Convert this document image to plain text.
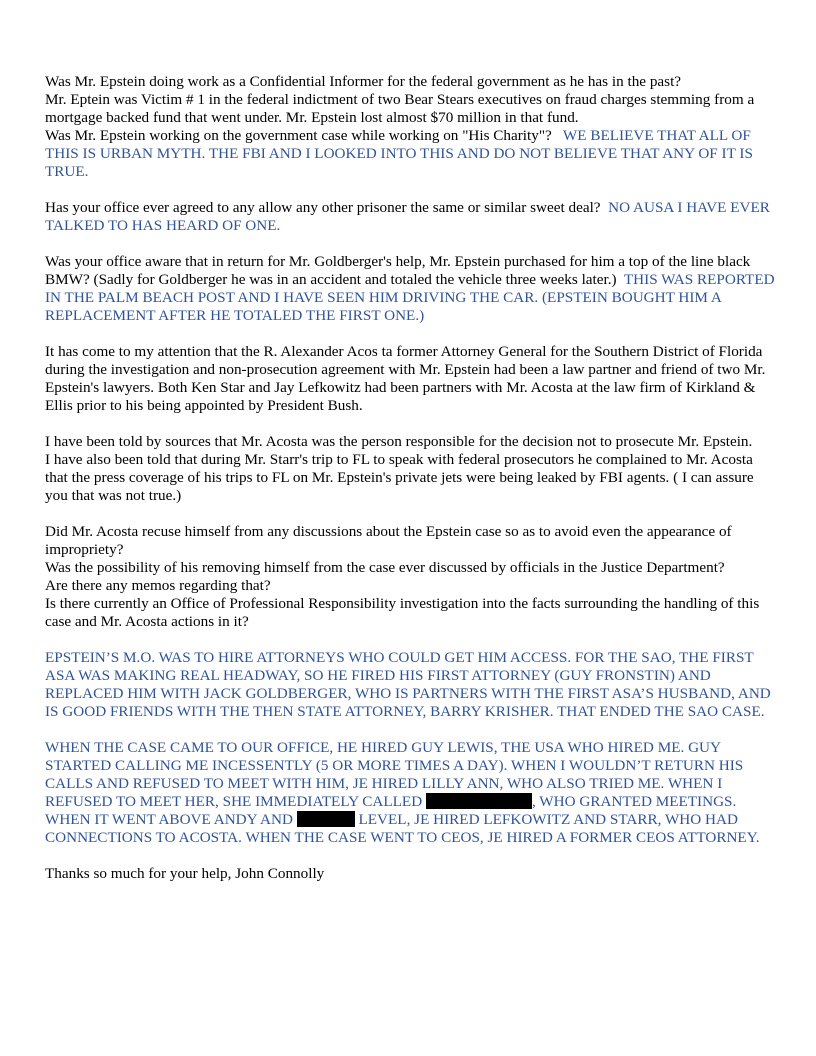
Was Mr. Epstein doing work as a Confidential Informer for the federal government as he has in the past?
Mr. Eptein was Victim # 1 in the federal indictment of two Bear Stears executives on fraud charges stemming from a mortgage backed fund that went under. Mr. Epstein lost almost $70 million in that fund.
Was Mr. Epstein working on the government case while working on "His Charity"? WE BELIEVE THAT ALL OF THIS IS URBAN MYTH. THE FBI AND I LOOKED INTO THIS AND DO NOT BELIEVE THAT ANY OF IT IS TRUE.

Has your office ever agreed to any allow any other prisoner the same or similar sweet deal? NO AUSA I HAVE EVER TALKED TO HAS HEARD OF ONE.

Was your office aware that in return for Mr. Goldberger's help, Mr. Epstein purchased for him a top of the line black BMW? (Sadly for Goldberger he was in an accident and totaled the vehicle three weeks later.) THIS WAS REPORTED IN THE PALM BEACH POST AND I HAVE SEEN HIM DRIVING THE CAR. (EPSTEIN BOUGHT HIM A REPLACEMENT AFTER HE TOTALED THE FIRST ONE.)

It has come to my attention that the R. Alexander Acos ta former Attorney General for the Southern District of Florida during the investigation and non-prosecution agreement with Mr. Epstein had been a law partner and friend of two Mr. Epstein's lawyers. Both Ken Star and Jay Lefkowitz had been partners with Mr. Acosta at the law firm of Kirkland & Ellis prior to his being appointed by President Bush.

I have been told by sources that Mr. Acosta was the person responsible for the decision not to prosecute Mr. Epstein.
I have also been told that during Mr. Starr's trip to FL to speak with federal prosecutors he complained to Mr. Acosta that the press coverage of his trips to FL on Mr. Epstein's private jets were being leaked by FBI agents. ( I can assure you that was not true.)

Did Mr. Acosta recuse himself from any discussions about the Epstein case so as to avoid even the appearance of impropriety?
Was the possibility of his removing himself from the case ever discussed by officials in the Justice Department?
Are there any memos regarding that?
Is there currently an Office of Professional Responsibility investigation into the facts surrounding the handling of this case and Mr. Acosta actions in it?

EPSTEIN’S M.O. WAS TO HIRE ATTORNEYS WHO COULD GET HIM ACCESS. FOR THE SAO, THE FIRST ASA WAS MAKING REAL HEADWAY, SO HE FIRED HIS FIRST ATTORNEY (GUY FRONSTIN) AND REPLACED HIM WITH JACK GOLDBERGER, WHO IS PARTNERS WITH THE FIRST ASA’S HUSBAND, AND IS GOOD FRIENDS WITH THE THEN STATE ATTORNEY, BARRY KRISHER. THAT ENDED THE SAO CASE.

WHEN THE CASE CAME TO OUR OFFICE, HE HIRED GUY LEWIS, THE USA WHO HIRED ME. GUY STARTED CALLING ME INCESSENTLY (5 OR MORE TIMES A DAY). WHEN I WOULDN’T RETURN HIS CALLS AND REFUSED TO MEET WITH HIM, JE HIRED LILLY ANN, WHO ALSO TRIED ME. WHEN I REFUSED TO MEET HER, SHE IMMEDIATELY CALLED	, WHO GRANTED MEETINGS. WHEN IT WENT ABOVE ANDY AND	LEVEL, JE HIRED LEFKOWITZ AND STARR, WHO HAD CONNECTIONS TO ACOSTA. WHEN THE CASE WENT TO CEOS, JE HIRED A FORMER CEOS ATTORNEY.

Thanks so much for your help, John Connolly
